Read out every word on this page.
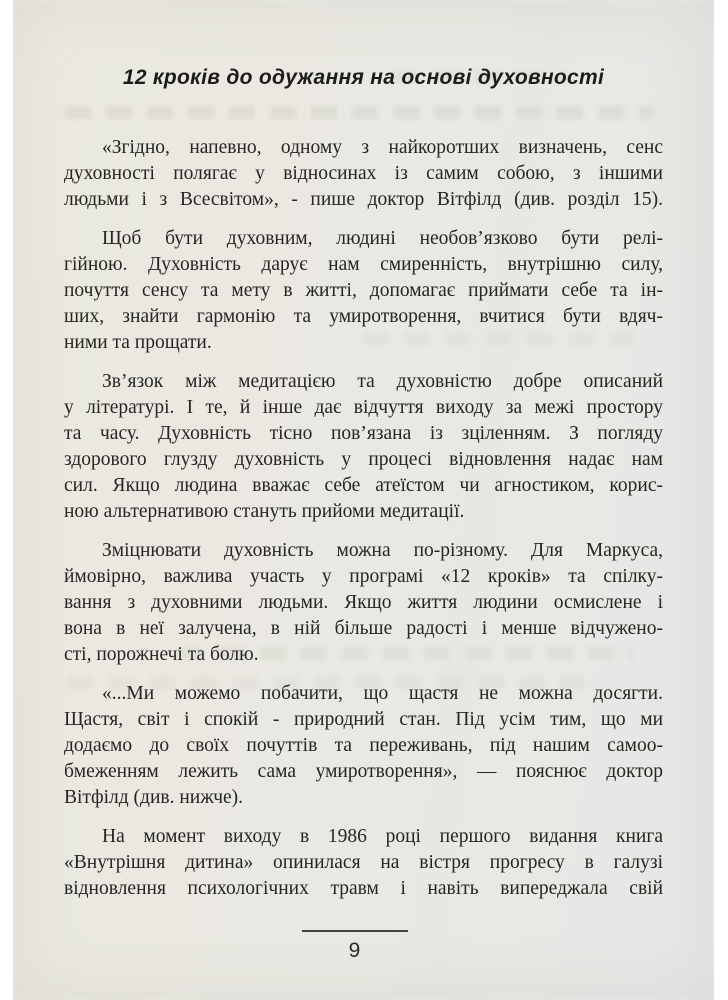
12 кроків до одужання на основі духовності
«Згідно, напевно, одному з найкоротших визначень, сенс
духовності полягає у відносинах із самим собою, з іншими
людьми і з Всесвітом», - пише доктор Вітфілд (див. розділ 15).
Щоб бути духовним, людині необов’язково бути релі-
гійною. Духовність дарує нам смиренність, внутрішню силу,
почуття сенсу та мету в житті, допомагає приймати себе та ін-
ших, знайти гармонію та умиротворення, вчитися бути вдяч-
ними та прощати.
Зв’язок між медитацією та духовністю добре описаний
у літературі. І те, й інше дає відчуття виходу за межі простору
та часу. Духовність тісно пов’язана із зціленням. З погляду
здорового глузду духовність у процесі відновлення надає нам
сил. Якщо людина вважає себе атеїстом чи агностиком, корис-
ною альтернативою стануть прийоми медитації.
Зміцнювати духовність можна по-різному. Для Маркуса,
ймовірно, важлива участь у програмі «12 кроків» та спілку-
вання з духовними людьми. Якщо життя людини осмислене і
вона в неї залучена, в ній більше радості і менше відчужено-
сті, порожнечі та болю.
«...Ми можемо побачити, що щастя не можна досягти.
Щастя, світ і спокій - природний стан. Під усім тим, що ми
додаємо до своїх почуттів та переживань, під нашим самоо-
бмеженням лежить сама умиротворення», — пояснює доктор
Вітфілд (див. нижче).
На момент виходу в 1986 році першого видання книга
«Внутрішня дитина» опинилася на вістря прогресу в галузі
відновлення психологічних травм і навіть випереджала свій
9
